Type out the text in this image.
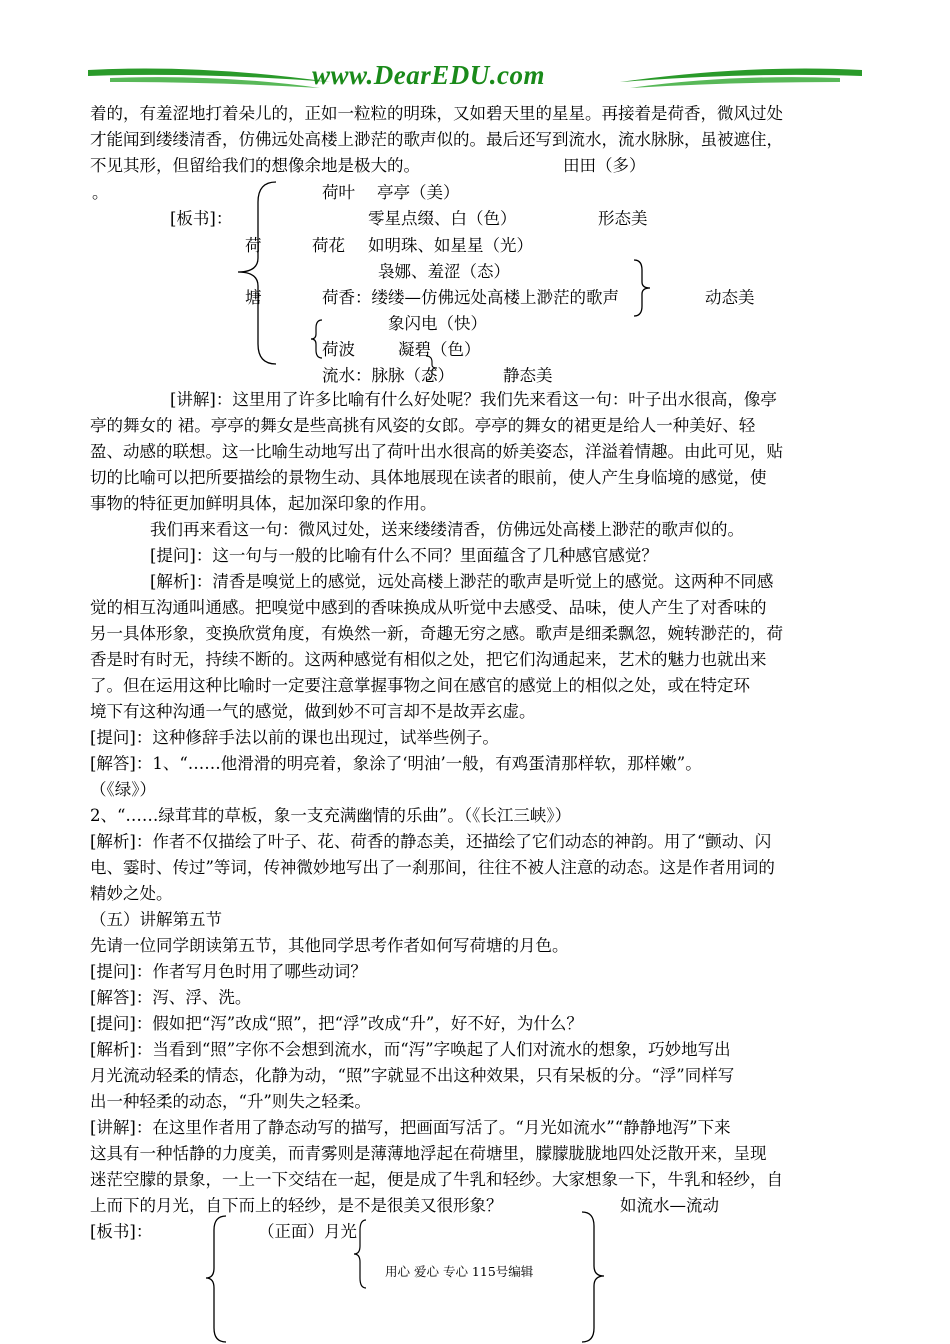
www.DearEDU.com
着的，有羞涩地打着朵儿的，正如一粒粒的明珠，又如碧天里的星星。再接着是荷香，微风过处
才能闻到缕缕清香，仿佛远处高楼上渺茫的歌声似的。最后还写到流水，流水脉脉，虽被遮住，
不见其形，但留给我们的想像余地是极大的。	田田（多）
。
[板书]：
荷
塘
荷叶 亭亭（美）
零星点缀、白（色）	形态美
荷花 如明珠、如星星（光）
袅娜、羞涩（态）
荷香：缕缕—仿佛远处高楼上渺茫的歌声	动态美
象闪电（快）
荷波	凝碧（色）
流水：脉脉（态）	静态美
[讲解]：这里用了许多比喻有什么好处呢？我们先来看这一句：叶子出水很高，像亭
亭的舞女的 裙。亭亭的舞女是些高挑有风姿的女郎。亭亭的舞女的裙更是给人一种美好、轻
盈、动感的联想。这一比喻生动地写出了荷叶出水很高的娇美姿态，洋溢着情趣。由此可见，贴
切的比喻可以把所要描绘的景物生动、具体地展现在读者的眼前，使人产生身临境的感觉，使
事物的特征更加鲜明具体，起加深印象的作用。
我们再来看这一句：微风过处，送来缕缕清香，仿佛远处高楼上渺茫的歌声似的。
[提问]：这一句与一般的比喻有什么不同？里面蕴含了几种感官感觉？
[解析]：清香是嗅觉上的感觉，远处高楼上渺茫的歌声是听觉上的感觉。这两种不同感
觉的相互沟通叫通感。把嗅觉中感到的香味换成从听觉中去感受、品味，使人产生了对香味的
另一具体形象，变换欣赏角度，有焕然一新，奇趣无穷之感。歌声是细柔飘忽，婉转渺茫的，荷
香是时有时无，持续不断的。这两种感觉有相似之处，把它们沟通起来，艺术的魅力也就出来
了。但在运用这种比喻时一定要注意掌握事物之间在感官的感觉上的相似之处，或在特定环
境下有这种沟通一气的感觉，做到妙不可言却不是故弄玄虚。
[提问]：这种修辞手法以前的课也出现过，试举些例子。
[解答]：1、“……他滑滑的明亮着，象涂了‘明油’一般，有鸡蛋清那样软，那样嫩”。
（《绿》）
2、“……绿茸茸的草板，象一支充满幽情的乐曲”。（《长江三峡》）
[解析]：作者不仅描绘了叶子、花、荷香的静态美，还描绘了它们动态的神韵。用了“颤动、闪
电、霎时、传过”等词，传神微妙地写出了一刹那间，往往不被人注意的动态。这是作者用词的
精妙之处。
（五）讲解第五节
先请一位同学朗读第五节，其他同学思考作者如何写荷塘的月色。
[提问]：作者写月色时用了哪些动词？
[解答]：泻、浮、洗。
[提问]：假如把“泻”改成“照”，把“浮”改成“升”，好不好，为什么？
[解析]：当看到“照”字你不会想到流水，而“泻”字唤起了人们对流水的想象，巧妙地写出
月光流动轻柔的情态，化静为动，“照”字就显不出这种效果，只有呆板的分。“浮”同样写
出一种轻柔的动态，“升”则失之轻柔。
[讲解]：在这里作者用了静态动写的描写，把画面写活了。“月光如流水”“静静地泻”下来
这具有一种恬静的力度美，而青雾则是薄薄地浮起在荷塘里，朦朦胧胧地四处泛散开来，呈现
迷茫空朦的景象，一上一下交结在一起，便是成了牛乳和轻纱。大家想象一下，牛乳和轻纱，自
上而下的月光，自下而上的轻纱，是不是很美又很形象？	如流水—流动
[板书]：	（正面）月光
用心 爱心 专心 115号编辑
